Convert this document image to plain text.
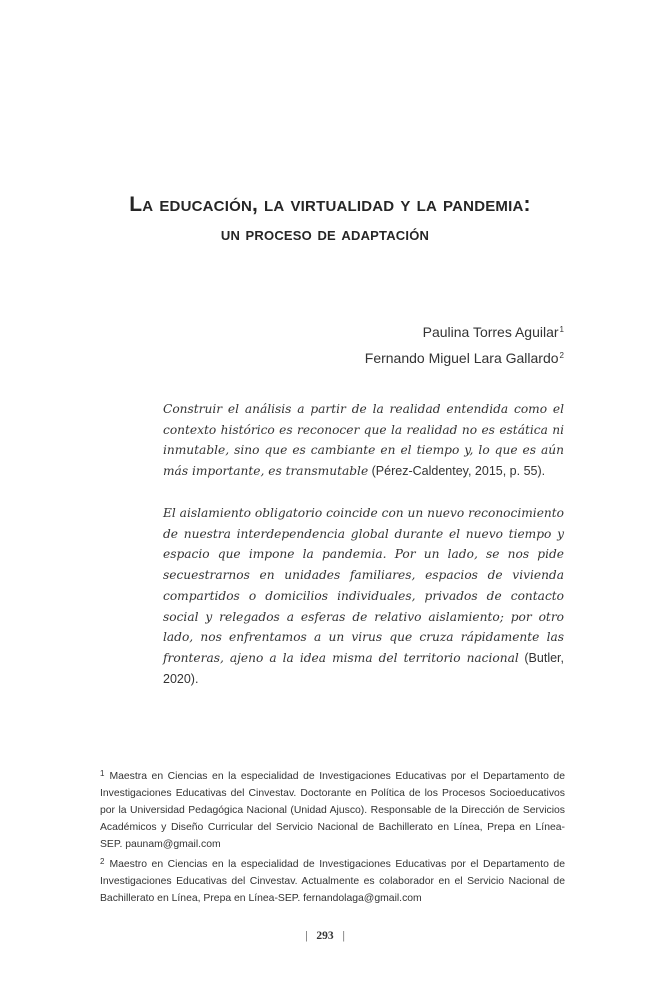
La educación, la virtualidad y la pandemia:
un proceso de adaptación
Paulina Torres Aguilar$^1$
Fernando Miguel Lara Gallardo$^2$
Construir el análisis a partir de la realidad entendida como el contexto histórico es reconocer que la realidad no es estática ni inmutable, sino que es cambiante en el tiempo y, lo que es aún más importante, es transmutable (Pérez-Caldentey, 2015, p. 55).
El aislamiento obligatorio coincide con un nuevo reconocimiento de nuestra interdependencia global durante el nuevo tiempo y espacio que impone la pandemia. Por un lado, se nos pide secuestrarnos en unidades familiares, espacios de vivienda compartidos o domicilios individuales, privados de contacto social y relegados a esferas de relativo aislamiento; por otro lado, nos enfrentamos a un virus que cruza rápidamente las fronteras, ajeno a la idea misma del territorio nacional (Butler, 2020).

$^1$ Maestra en Ciencias en la especialidad de Investigaciones Educativas por el Departamento de Investigaciones Educativas del Cinvestav. Doctorante en Política de los Procesos Socioeducativos por la Universidad Pedagógica Nacional (Unidad Ajusco). Responsable de la Dirección de Servicios Académicos y Diseño Curricular del Servicio Nacional de Bachillerato en Línea, Prepa en Línea-SEP. paunam@gmail.com

$^2$ Maestro en Ciencias en la especialidad de Investigaciones Educativas por el Departamento de Investigaciones Educativas del Cinvestav. Actualmente es colaborador en el Servicio Nacional de Bachillerato en Línea, Prepa en Línea-SEP. fernandolaga@gmail.com

| 293 |
